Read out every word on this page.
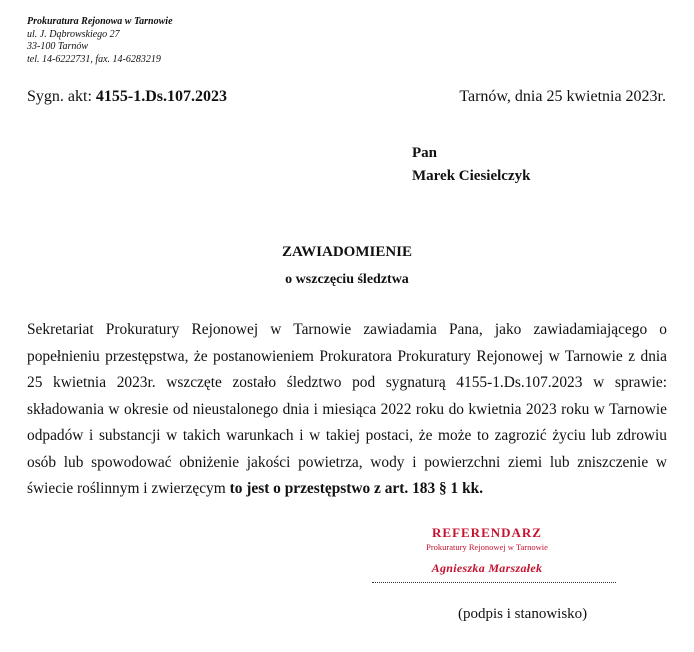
Prokuratura Rejonowa w Tarnowie
ul. J. Dąbrowskiego 27
33-100 Tarnów
tel. 14-6222731, fax. 14-6283219
Sygn. akt: 4155-1.Ds.107.2023	Tarnów, dnia 25 kwietnia 2023r.
Pan
Marek Ciesielczyk
ZAWIADOMIENIE
o wszczęciu śledztwa
Sekretariat Prokuratury Rejonowej w Tarnowie zawiadamia Pana, jako zawiadamiającego o popełnieniu przestępstwa, że postanowieniem Prokuratora Prokuratury Rejonowej w Tarnowie z dnia 25 kwietnia 2023r. wszczęte zostało śledztwo pod sygnaturą 4155-1.Ds.107.2023 w sprawie: składowania w okresie od nieustalonego dnia i miesiąca 2022 roku do kwietnia 2023 roku w Tarnowie odpadów i substancji w takich warunkach i w takiej postaci, że może to zagrozić życiu lub zdrowiu osób lub spowodować obniżenie jakości powietrza, wody i powierzchni ziemi lub zniszczenie w świecie roślinnym i zwierzęcym to jest o przestępstwo z art. 183 § 1 kk.
REFERENDARZ
Prokuratury Rejonowej w Tarnowie
Agnieszka Marszałek
(podpis i stanowisko)
